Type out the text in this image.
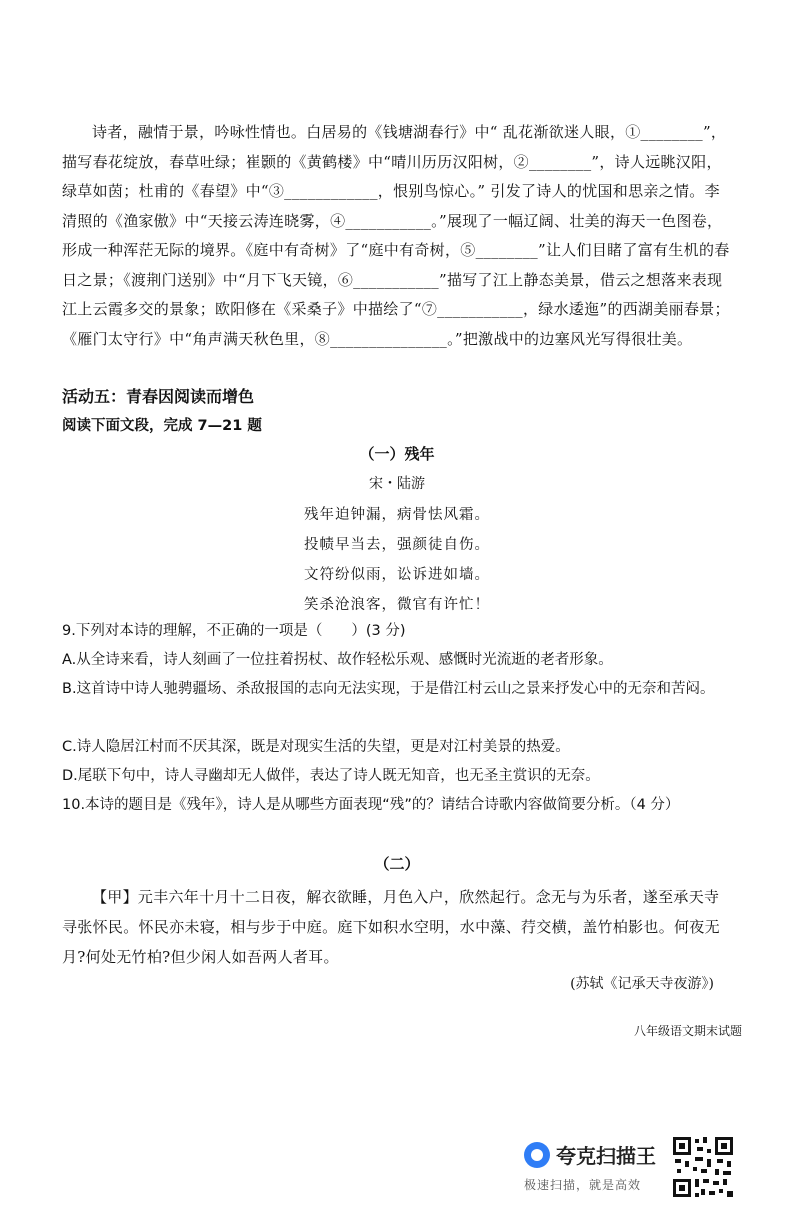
诗者，融情于景，吟咏性情也。白居易的《钱塘湖春行》中“ 乱花渐欲迷人眼，①________”，描写春花绽放，春草吐绿；崔颢的《黄鹤楼》中“晴川历历汉阳树，②________”，诗人远眺汉阳，绿草如茵；杜甫的《春望》中“③____________，恨别鸟惊心。” 引发了诗人的忧国和思亲之情。李清照的《渔家傲》中“天接云涛连晓雾，④___________。”展现了一幅辽阔、壮美的海天一色图卷，形成一种浑茫无际的境界。《庭中有奇树》了“庭中有奇树，⑤________”让人们目睹了富有生机的春日之景；《渡荆门送别》中“月下飞天镜，⑥___________”描写了江上静态美景，借云之想落来表现江上云霞多交的景象；欧阳修在《采桑子》中描绘了“⑦___________，绿水逶迤”的西湖美丽春景；《雁门太守行》中“角声满天秋色里，⑧_______________。”把激战中的边塞风光写得很壮美。

活动五：青春因阅读而增色
阅读下面文段，完成 7—21 题
（一）残年
宋・陆游
残年迫钟漏，病骨怯风霜。
投帻早当去，强颜徒自伤。
文符纷似雨，讼诉进如墙。
笑杀沧浪客，微官有许忙！

9.下列对本诗的理解，不正确的一项是（　　）(3 分)

A.从全诗来看，诗人刻画了一位拄着拐杖、故作轻松乐观、感慨时光流逝的老者形象。

B.这首诗中诗人驰骋疆场、杀敌报国的志向无法实现，于是借江村云山之景来抒发心中的无奈和苦闷。

C.诗人隐居江村而不厌其深，既是对现实生活的失望，更是对江村美景的热爱。

D.尾联下句中，诗人寻幽却无人做伴，表达了诗人既无知音，也无圣主赏识的无奈。

10.本诗的题目是《残年》，诗人是从哪些方面表现“残”的？请结合诗歌内容做简要分析。（4 分）

（二）

【甲】元丰六年十月十二日夜，解衣欲睡，月色入户，欣然起行。念无与为乐者，遂至承天寺寻张怀民。怀民亦未寝，相与步于中庭。庭下如积水空明，水中藻、荇交横，盖竹柏影也。何夜无月?何处无竹柏?但少闲人如吾两人者耳。

(苏轼《记承天寺夜游》)
八年级语文期末试题
夸克扫描王
极速扫描，就是高效
